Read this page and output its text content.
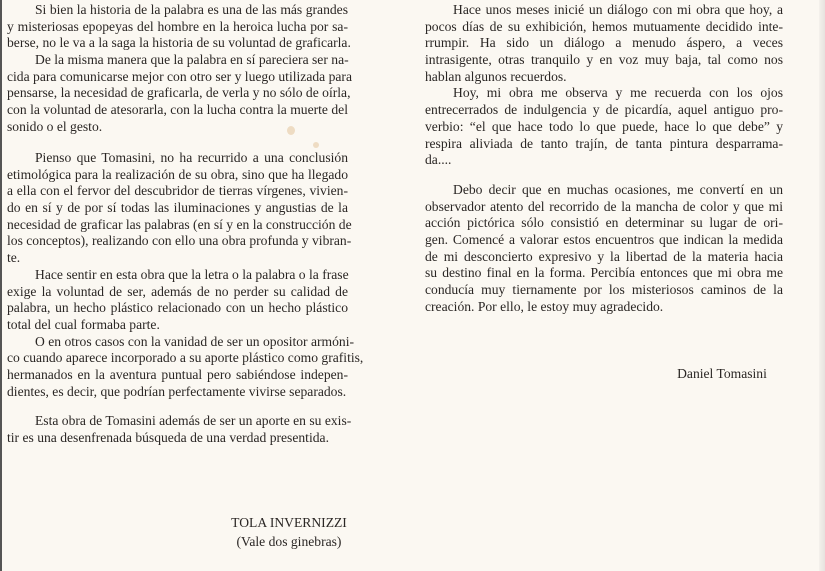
Si bien la historia de la palabra es una de las más grandes
y misteriosas epopeyas del hombre en la heroica lucha por sa-
berse, no le va a la saga la historia de su voluntad de graficarla.
De la misma manera que la palabra en sí pareciera ser na-
cida para comunicarse mejor con otro ser y luego utilizada para
pensarse, la necesidad de graficarla, de verla y no sólo de oírla,
con la voluntad de atesorarla, con la lucha contra la muerte del
sonido o el gesto.
Pienso que Tomasini, no ha recurrido a una conclusión
etimológica para la realización de su obra, sino que ha llegado
a ella con el fervor del descubridor de tierras vírgenes, vivien-
do en sí y de por sí todas las iluminaciones y angustias de la
necesidad de graficar las palabras (en sí y en la construcción de
los conceptos), realizando con ello una obra profunda y vibran-
te.
Hace sentir en esta obra que la letra o la palabra o la frase
exige la voluntad de ser, además de no perder su calidad de
palabra, un hecho plástico relacionado con un hecho plástico
total del cual formaba parte.
O en otros casos con la vanidad de ser un opositor armóni-
co cuando aparece incorporado a su aporte plástico como grafitis,
hermanados en la aventura puntual pero sabiéndose indepen-
dientes, es decir, que podrían perfectamente vivirse separados.
Esta obra de Tomasini además de ser un aporte en su exis-
tir es una desenfrenada búsqueda de una verdad presentida.
Hace unos meses inicié un diálogo con mi obra que hoy, a
pocos días de su exhibición, hemos mutuamente decidido inte-
rrumpir. Ha sido un diálogo a menudo áspero, a veces
intrasigente, otras tranquilo y en voz muy baja, tal como nos
hablan algunos recuerdos.
Hoy, mi obra me observa y me recuerda con los ojos
entrecerrados de indulgencia y de picardía, aquel antiguo pro-
verbio: “el que hace todo lo que puede, hace lo que debe” y
respira aliviada de tanto trajín, de tanta pintura desparrama-
da....
Debo decir que en muchas ocasiones, me convertí en un
observador atento del recorrido de la mancha de color y que mi
acción pictórica sólo consistió en determinar su lugar de ori-
gen. Comencé a valorar estos encuentros que indican la medida
de mi desconcierto expresivo y la libertad de la materia hacia
su destino final en la forma. Percibía entonces que mi obra me
conducía muy tiernamente por los misteriosos caminos de la
creación. Por ello, le estoy muy agradecido.
TOLA INVERNIZZI
(Vale dos ginebras)
Daniel Tomasini
